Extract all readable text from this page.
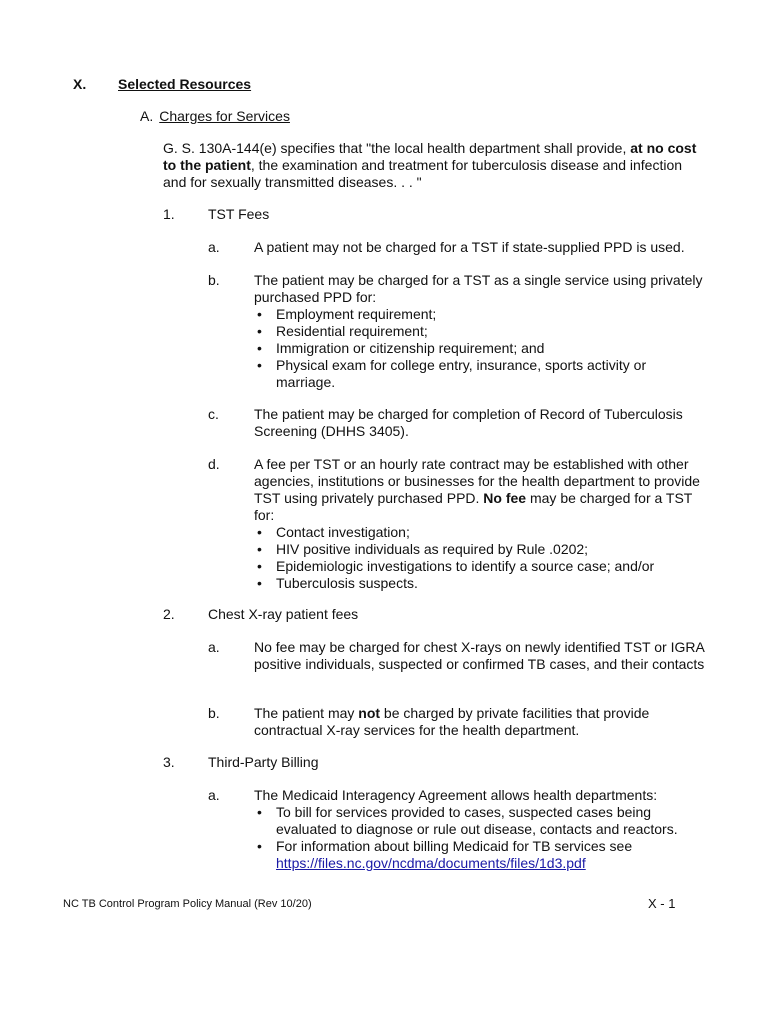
X. Selected Resources
A. Charges for Services
G. S. 130A-144(e) specifies that "the local health department shall provide, at no cost to the patient, the examination and treatment for tuberculosis disease and infection and for sexually transmitted diseases. . . "
1. TST Fees
a. A patient may not be charged for a TST if state-supplied PPD is used.
b. The patient may be charged for a TST as a single service using privately purchased PPD for:
• Employment requirement;
• Residential requirement;
• Immigration or citizenship requirement; and
• Physical exam for college entry, insurance, sports activity or marriage.
c.	The patient may be charged for completion of Record of Tuberculosis Screening (DHHS 3405).
d. A fee per TST or an hourly rate contract may be established with other agencies, institutions or businesses for the health department to provide TST using privately purchased PPD. No fee may be charged for a TST for:
• Contact investigation;
• HIV positive individuals as required by Rule .0202;
• Epidemiologic investigations to identify a source case; and/or
• Tuberculosis suspects.
2. Chest X-ray patient fees
a. No fee may be charged for chest X-rays on newly identified TST or IGRA positive individuals, suspected or confirmed TB cases, and their contacts
b. The patient may not be charged by private facilities that provide contractual X-ray services for the health department.
3. Third-Party Billing
a. The Medicaid Interagency Agreement allows health departments:
• To bill for services provided to cases, suspected cases being evaluated to diagnose or rule out disease, contacts and reactors.
• For information about billing Medicaid for TB services see
https://files.nc.gov/ncdma/documents/files/1d3.pdf
NC TB Control Program Policy Manual (Rev 10/20)	X - 1
